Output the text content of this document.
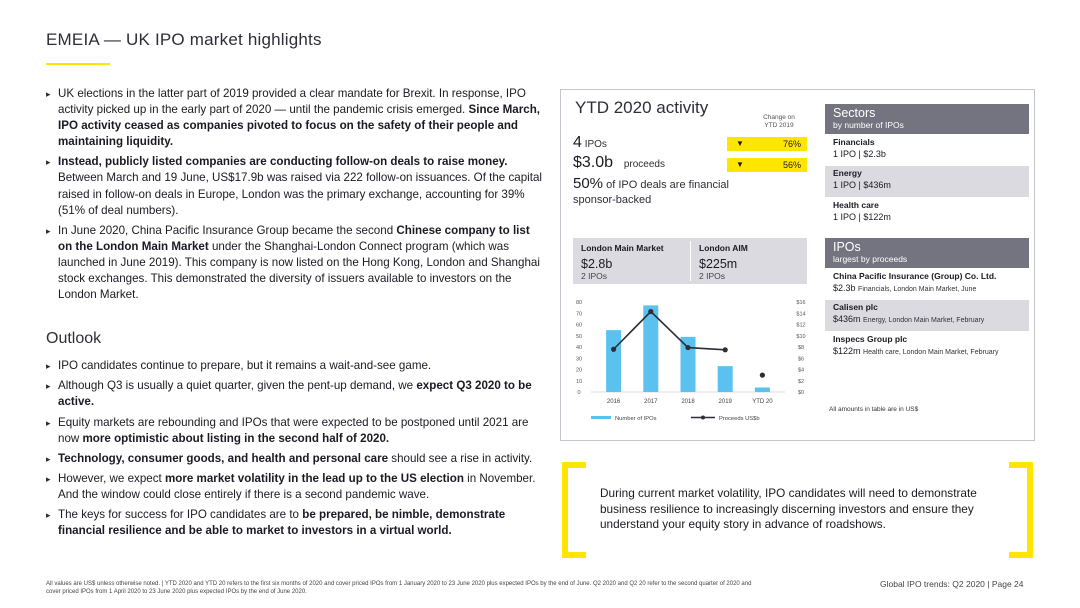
EMEIA — UK IPO market highlights
▸ UK elections in the latter part of 2019 provided a clear mandate for Brexit. In response, IPO activity picked up in the early part of 2020 — until the pandemic crisis emerged. Since March, IPO activity ceased as companies pivoted to focus on the safety of their people and maintaining liquidity.
▸ Instead, publicly listed companies are conducting follow-on deals to raise money. Between March and 19 June, US$17.9b was raised via 222 follow-on issuances. Of the capital raised in follow-on deals in Europe, London was the primary exchange, accounting for 39% (51% of deal numbers).
▸ In June 2020, China Pacific Insurance Group became the second Chinese company to list on the London Main Market under the Shanghai-London Connect program (which was launched in June 2019). This company is now listed on the Hong Kong, London and Shanghai stock exchanges. This demonstrated the diversity of issuers available to investors on the London Market.
Outlook
▸ IPO candidates continue to prepare, but it remains a wait-and-see game.
▸ Although Q3 is usually a quiet quarter, given the pent-up demand, we expect Q3 2020 to be active.
▸ Equity markets are rebounding and IPOs that were expected to be postponed until 2021 are now more optimistic about listing in the second half of 2020.
▸ Technology, consumer goods, and health and personal care should see a rise in activity.
▸ However, we expect more market volatility in the lead up to the US election in November. And the window could close entirely if there is a second pandemic wave.
▸ The keys for success for IPO candidates are to be prepared, be nimble, demonstrate financial resilience and be able to market to investors in a virtual world.
YTD 2020 activity
Change on YTD 2019
4 IPOs	▼	76%
$3.0b proceeds	▼	56%
50% of IPO deals are financial sponsor-backed
London Main Market
$2.8b
2 IPOs
London AIM
$225m
2 IPOs
0
10
20
30
40
50
60
70
80
$0
$2
$4
$6
$8
$10
$12
$14
$16
2016	2017	2018	2019	YTD 20
Number of IPOs	Proceeds US$b
Sectors
by number of IPOs
Financials
1 IPO | $2.3b
Energy
1 IPO | $436m
Health care
1 IPO | $122m
IPOs
largest by proceeds
China Pacific Insurance (Group) Co. Ltd.
$2.3b Financials, London Main Market, June
Calisen plc
$436m Energy, London Main Market, February
Inspecs Group plc
$122m Health care, London Main Market, February
All amounts in table are in US$
During current market volatility, IPO candidates will need to demonstrate business resilience to increasingly discerning investors and ensure they understand your equity story in advance of roadshows.
All values are US$ unless otherwise noted. | YTD 2020 and YTD 20 refers to the first six months of 2020 and cover priced IPOs from 1 January 2020 to 23 June 2020 plus expected IPOs by the end of June. Q2 2020 and Q2 20 refer to the second quarter of 2020 and cover priced IPOs from 1 April 2020 to 23 June 2020 plus expected IPOs by the end of June 2020.
Global IPO trends: Q2 2020 | Page 24
